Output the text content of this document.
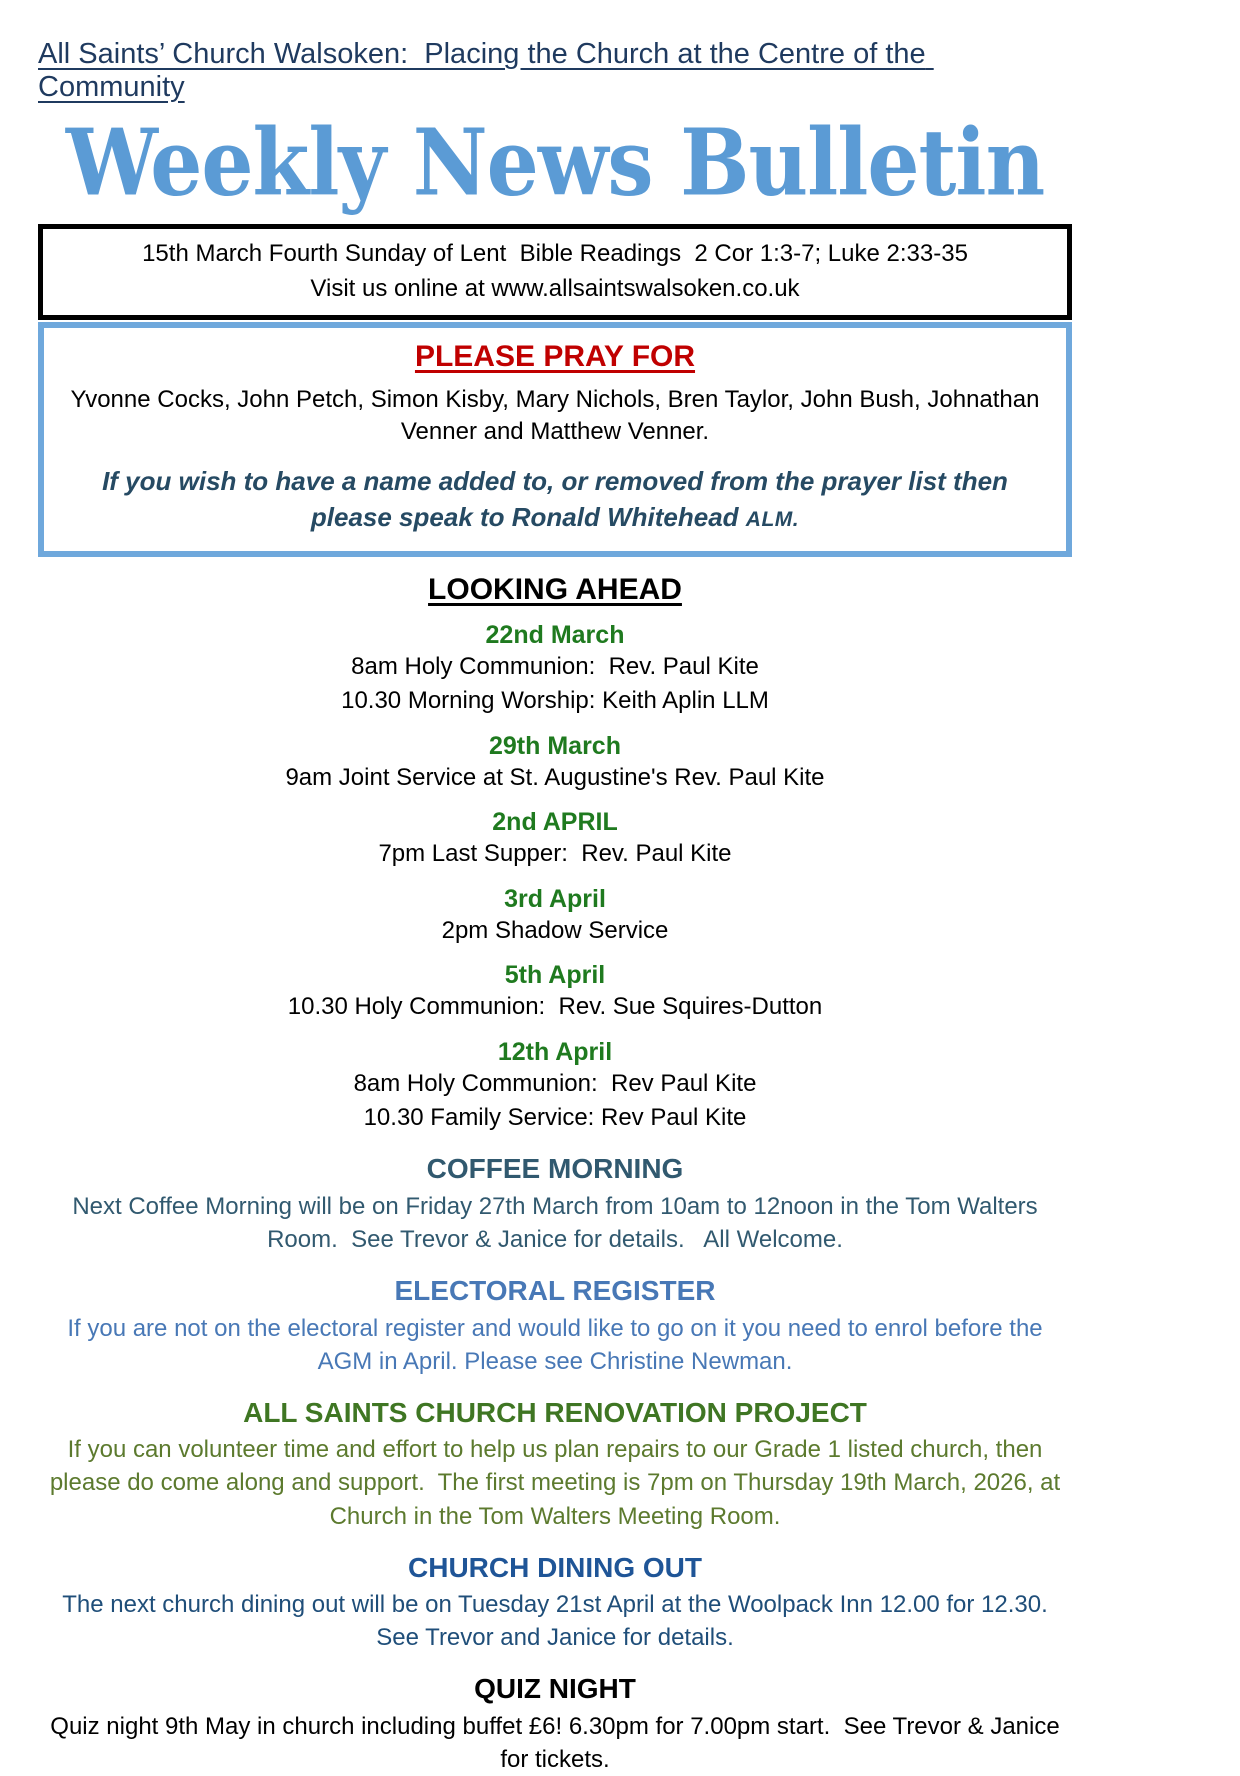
All Saints’ Church Walsoken:  Placing the Church at the Centre of the Community
Weekly News Bulletin
15th March Fourth Sunday of Lent  Bible Readings  2 Cor 1:3-7; Luke 2:33-35
Visit us online at www.allsaintswalsoken.co.uk
PLEASE PRAY FOR

Yvonne Cocks, John Petch, Simon Kisby, Mary Nichols, Bren Taylor, John Bush, Johnathan Venner and Matthew Venner.

If you wish to have a name added to, or removed from the prayer list then please speak to Ronald Whitehead ALM.

LOOKING AHEAD
22nd March
8am Holy Communion:  Rev. Paul Kite
10.30 Morning Worship: Keith Aplin LLM
29th March
9am Joint Service at St. Augustine's Rev. Paul Kite
2nd APRIL
7pm Last Supper:  Rev. Paul Kite
3rd April
2pm Shadow Service
5th April
10.30 Holy Communion:  Rev. Sue Squires-Dutton
12th April
8am Holy Communion:  Rev Paul Kite
10.30 Family Service: Rev Paul Kite
COFFEE MORNING

Next Coffee Morning will be on Friday 27th March from 10am to 12noon in the Tom Walters Room.  See Trevor & Janice for details.   All Welcome.

ELECTORAL REGISTER

If you are not on the electoral register and would like to go on it you need to enrol before the AGM in April. Please see Christine Newman.

ALL SAINTS CHURCH RENOVATION PROJECT

If you can volunteer time and effort to help us plan repairs to our Grade 1 listed church, then please do come along and support.  The first meeting is 7pm on Thursday 19th March, 2026, at Church in the Tom Walters Meeting Room.

CHURCH DINING OUT

The next church dining out will be on Tuesday 21st April at the Woolpack Inn 12.00 for 12.30. See Trevor and Janice for details.

QUIZ NIGHT

Quiz night 9th May in church including buffet £6! 6.30pm for 7.00pm start.  See Trevor & Janice for tickets.
